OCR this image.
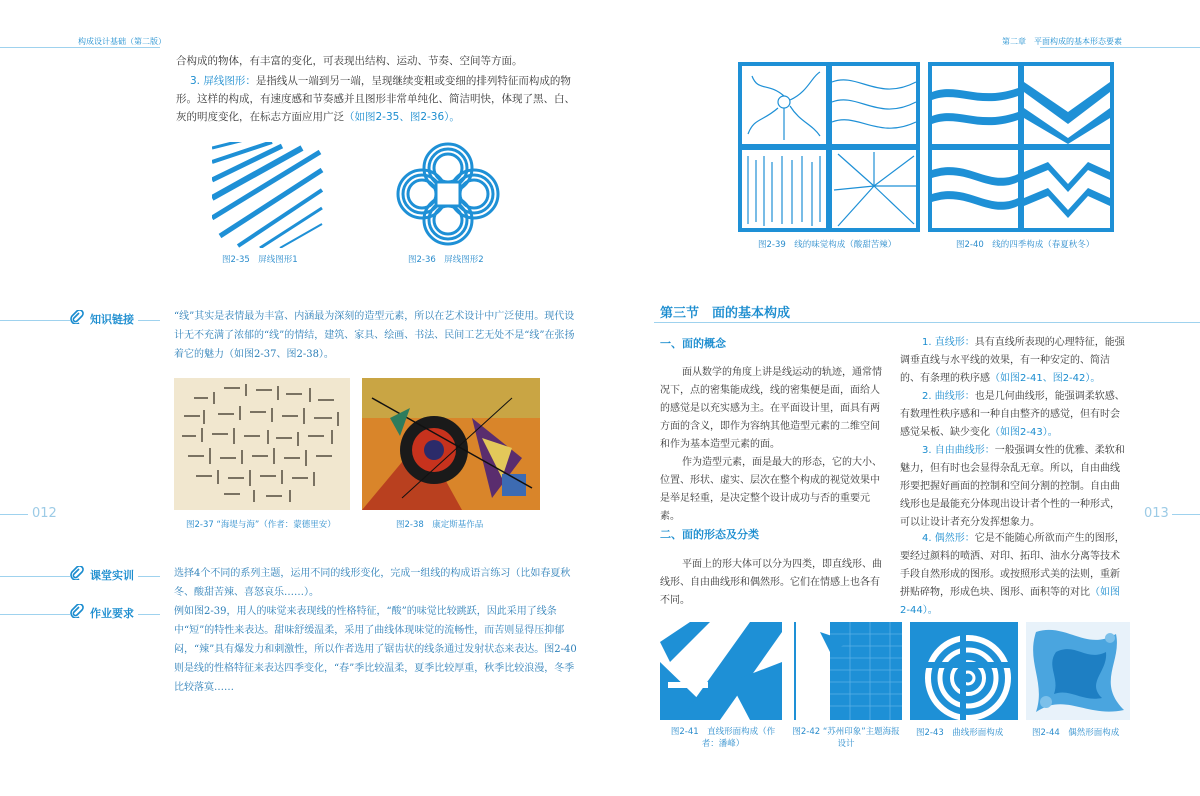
构成设计基础（第二版）	第二章　平面构成的基本形态要素
012	013

合构成的物体，有丰富的变化，可表现出结构、运动、节奏、空间等方面。

3. 屏线图形：是指线从一端到另一端，呈现继续变粗或变细的排列特征而构成的物形。这样的构成，有速度感和节奏感并且图形非常单纯化、简洁明快，体现了黑、白、灰的明度变化，在标志方面应用广泛（如图2-35、图2-36）。

图2-35　屏线图形1	图2-36　屏线图形2
知识链接	“线”其实是表情最为丰富、内涵最为深刻的造型元素，所以在艺术设计中广泛使用。现代设计无不充满了浓郁的“线”的情结，建筑、家具、绘画、书法、民间工艺无处不是“线”在张扬着它的魅力（如图2-37、图2-38）。

图2-37 “海堤与海”（作者：蒙德里安）	图2-38　康定斯基作品
课堂实训	选择4个不同的系列主题，运用不同的线形变化，完成一组线的构成语言练习（比如春夏秋冬、酸甜苦辣、喜怒哀乐……）。

作业要求	例如图2-39，用人的味觉来表现线的性格特征，“酸”的味觉比较跳跃，因此采用了线条中“短”的特性来表达。甜味舒缓温柔，采用了曲线体现味觉的流畅性，而苦则显得压抑郁闷，“辣”具有爆发力和刺激性，所以作者选用了锯齿状的线条通过发射状态来表达。图2-40则是线的性格特征来表达四季变化，“春”季比较温柔，夏季比较厚重，秋季比较浪漫，冬季比较落寞……

图2-39　线的味觉构成（酸甜苦辣）	图2-40　线的四季构成（春夏秋冬）
第三节　面的基本构成
一、面的概念

面从数学的角度上讲是线运动的轨迹，通常情况下，点的密集能成线，线的密集便是面，面给人的感觉是以充实感为主。在平面设计里，面具有两方面的含义，即作为容纳其他造型元素的二维空间和作为基本造型元素的面。

作为造型元素，面是最大的形态，它的大小、位置、形状、虚实、层次在整个构成的视觉效果中是举足轻重，是决定整个设计成功与否的重要元素。

二、面的形态及分类

平面上的形大体可以分为四类，即直线形、曲线形、自由曲线形和偶然形。它们在情感上也各有不同。

1. 直线形：具有直线所表现的心理特征，能强调垂直线与水平线的效果，有一种安定的、简洁的、有条理的秩序感（如图2-41、图2-42）。

2. 曲线形：也是几何曲线形，能强调柔软感、有数理性秩序感和一种自由整齐的感觉，但有时会感觉呆板、缺少变化（如图2-43）。

3. 自由曲线形：一般强调女性的优雅、柔软和魅力，但有时也会显得杂乱无章。所以，自由曲线形要把握好画面的控制和空间分割的控制。自由曲线形也是最能充分体现出设计者个性的一种形式，可以让设计者充分发挥想象力。

4. 偶然形：它是不能随心所欲而产生的图形，要经过颜料的喷洒、对印、拓印、油水分离等技术手段自然形成的图形。或按照形式美的法则，重新拼贴碎物，形成色块、图形、面积等的对比（如图2-44）。

图2-41　直线形面构成（作者：潘峰）
图2-42 “苏州印象”主题海报设计
图2-43　曲线形面构成	图2-44　偶然形面构成
